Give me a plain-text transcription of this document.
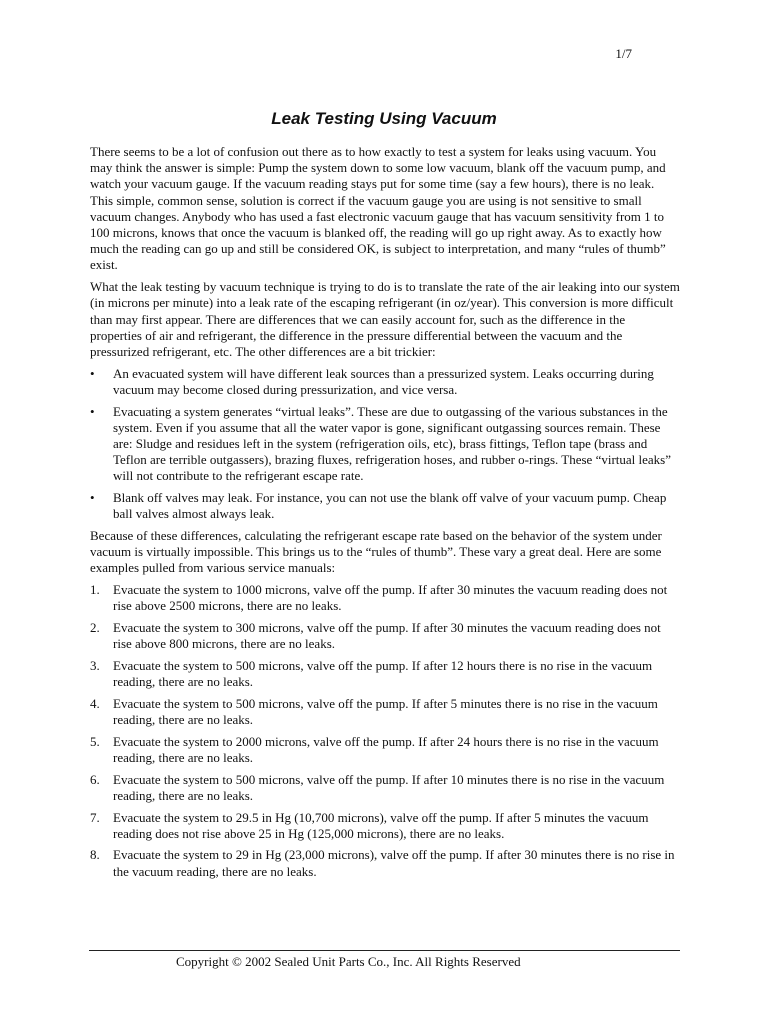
1/7
Leak Testing Using Vacuum

There seems to be a lot of confusion out there as to how exactly to test a system for leaks using vacuum. You may think the answer is simple: Pump the system down to some low vacuum, blank off the vacuum pump, and watch your vacuum gauge. If the vacuum reading stays put for some time (say a few hours), there is no leak. This simple, common sense, solution is correct if the vacuum gauge you are using is not sensitive to small vacuum changes. Anybody who has used a fast electronic vacuum gauge that has vacuum sensitivity from 1 to 100 microns, knows that once the vacuum is blanked off, the reading will go up right away. As to exactly how much the reading can go up and still be considered OK, is subject to interpretation, and many “rules of thumb” exist.

What the leak testing by vacuum technique is trying to do is to translate the rate of the air leaking into our system (in microns per minute) into a leak rate of the escaping refrigerant (in oz/year). This conversion is more difficult than may first appear. There are differences that we can easily account for, such as the difference in the properties of air and refrigerant, the difference in the pressure differential between the vacuum and the pressurized refrigerant, etc. The other differences are a bit trickier:

•	An evacuated system will have different leak sources than a pressurized system. Leaks occurring during vacuum may become closed during pressurization, and vice versa.
•	Evacuating a system generates “virtual leaks”. These are due to outgassing of the various substances in the system. Even if you assume that all the water vapor is gone, significant outgassing sources remain. These are: Sludge and residues left in the system (refrigeration oils, etc), brass fittings, Teflon tape (brass and Teflon are terrible outgassers), brazing fluxes, refrigeration hoses, and rubber o-rings. These “virtual leaks” will not contribute to the refrigerant escape rate.
•	Blank off valves may leak. For instance, you can not use the blank off valve of your vacuum pump. Cheap ball valves almost always leak.

Because of these differences, calculating the refrigerant escape rate based on the behavior of the system under vacuum is virtually impossible. This brings us to the “rules of thumb”. These vary a great deal. Here are some examples pulled from various service manuals:

1.	Evacuate the system to 1000 microns, valve off the pump. If after 30 minutes the vacuum reading does not rise above 2500 microns, there are no leaks.
2.	Evacuate the system to 300 microns, valve off the pump. If after 30 minutes the vacuum reading does not rise above 800 microns, there are no leaks.
3.	Evacuate the system to 500 microns, valve off the pump. If after 12 hours there is no rise in the vacuum reading, there are no leaks.
4.	Evacuate the system to 500 microns, valve off the pump. If after 5 minutes there is no rise in the vacuum reading, there are no leaks.
5.	Evacuate the system to 2000 microns, valve off the pump. If after 24 hours there is no rise in the vacuum reading, there are no leaks.
6.	Evacuate the system to 500 microns, valve off the pump. If after 10 minutes there is no rise in the vacuum reading, there are no leaks.
7.	Evacuate the system to 29.5 in Hg (10,700 microns), valve off the pump. If after 5 minutes the vacuum reading does not rise above 25 in Hg (125,000 microns), there are no leaks.
8.	Evacuate the system to 29 in Hg (23,000 microns), valve off the pump. If after 30 minutes there is no rise in the vacuum reading, there are no leaks.
Copyright © 2002 Sealed Unit Parts Co., Inc. All Rights Reserved
